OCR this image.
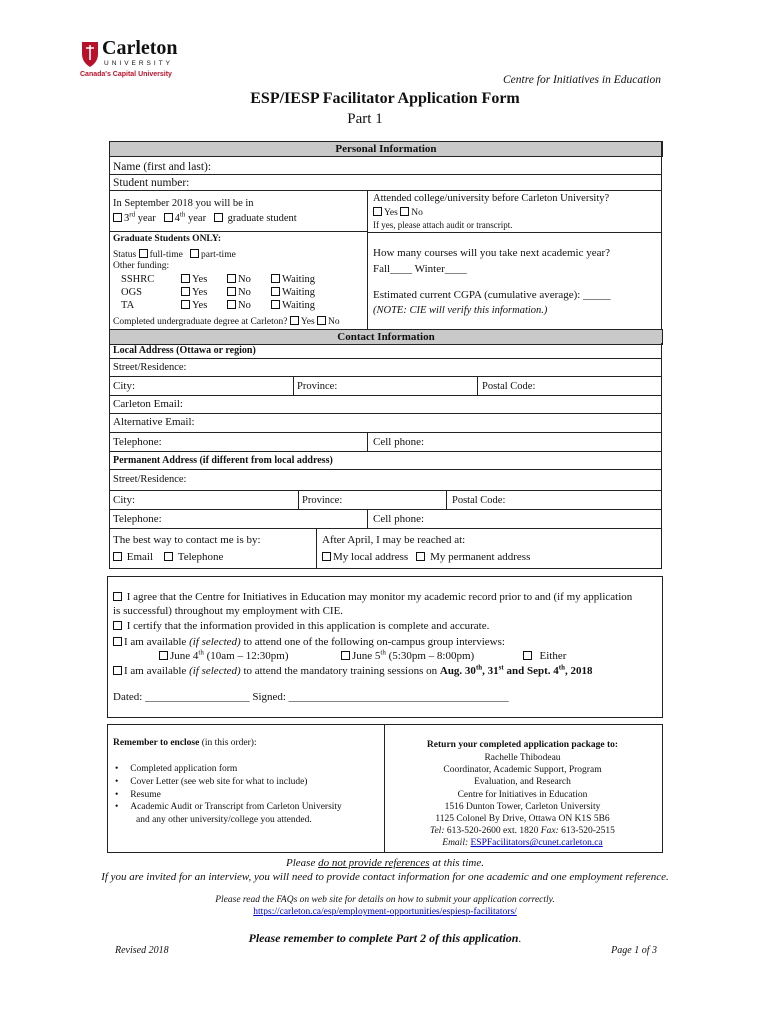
Carleton
UNIVERSITY
Canada's Capital University	Centre for Initiatives in Education
ESP/IESP Facilitator Application Form
Part 1
Personal Information
Name (first and last):
Student number:
In September 2018 you will be in
3rd year 4th year graduate student
Attended college/university before Carleton University?
Yes No
If yes, please attach audit or transcript.
Graduate Students ONLY:
Status full-time part-time
Other funding:
SSHRC	Yes	No	Waiting
OGS	Yes	No	Waiting
TA	Yes	No	Waiting
Completed undergraduate degree at Carleton? Yes No
How many courses will you take next academic year?
Fall____ Winter____
Estimated current CGPA (cumulative average): _____
(NOTE: CIE will verify this information.)
Contact Information
Local Address (Ottawa or region)
Street/Residence:
City:	Province:	Postal Code:
Carleton Email:
Alternative Email:
Telephone:	Cell phone:
Permanent Address (if different from local address)
Street/Residence:
City:	Province:	Postal Code:
Telephone:	Cell phone:
The best way to contact me is by:
Email Telephone
After April, I may be reached at:
My local address My permanent address
I agree that the Centre for Initiatives in Education may monitor my academic record prior to and (if my application
is successful) throughout my employment with CIE.
I certify that the information provided in this application is complete and accurate.
I am available (if selected) to attend one of the following on-campus group interviews:
June 4th (10am – 12:30pm)	June 5th (5:30pm – 8:00pm)	Either
I am available (if selected) to attend the mandatory training sessions on Aug. 30th, 31st and Sept. 4th, 2018
Dated: ___________________ Signed: ________________________________________
Remember to enclose (in this order):
•     Completed application form
•     Cover Letter (see web site for what to include)
•     Resume
•     Academic Audit or Transcript from Carleton University
and any other university/college you attended.
Return your completed application package to:
Rachelle Thibodeau
Coordinator, Academic Support, Program
Evaluation, and Research
Centre for Initiatives in Education
1516 Dunton Tower, Carleton University
1125 Colonel By Drive, Ottawa ON K1S 5B6
Tel: 613-520-2600 ext. 1820 Fax: 613-520-2515
Email: ESPFacilitators@cunet.carleton.ca
Please do not provide references at this time.
If you are invited for an interview, you will need to provide contact information for one academic and one employment reference.
Please read the FAQs on web site for details on how to submit your application correctly.
https://carleton.ca/esp/employment-opportunities/espiesp-facilitators/
Please remember to complete Part 2 of this application.
Revised 2018	Page 1 of 3
